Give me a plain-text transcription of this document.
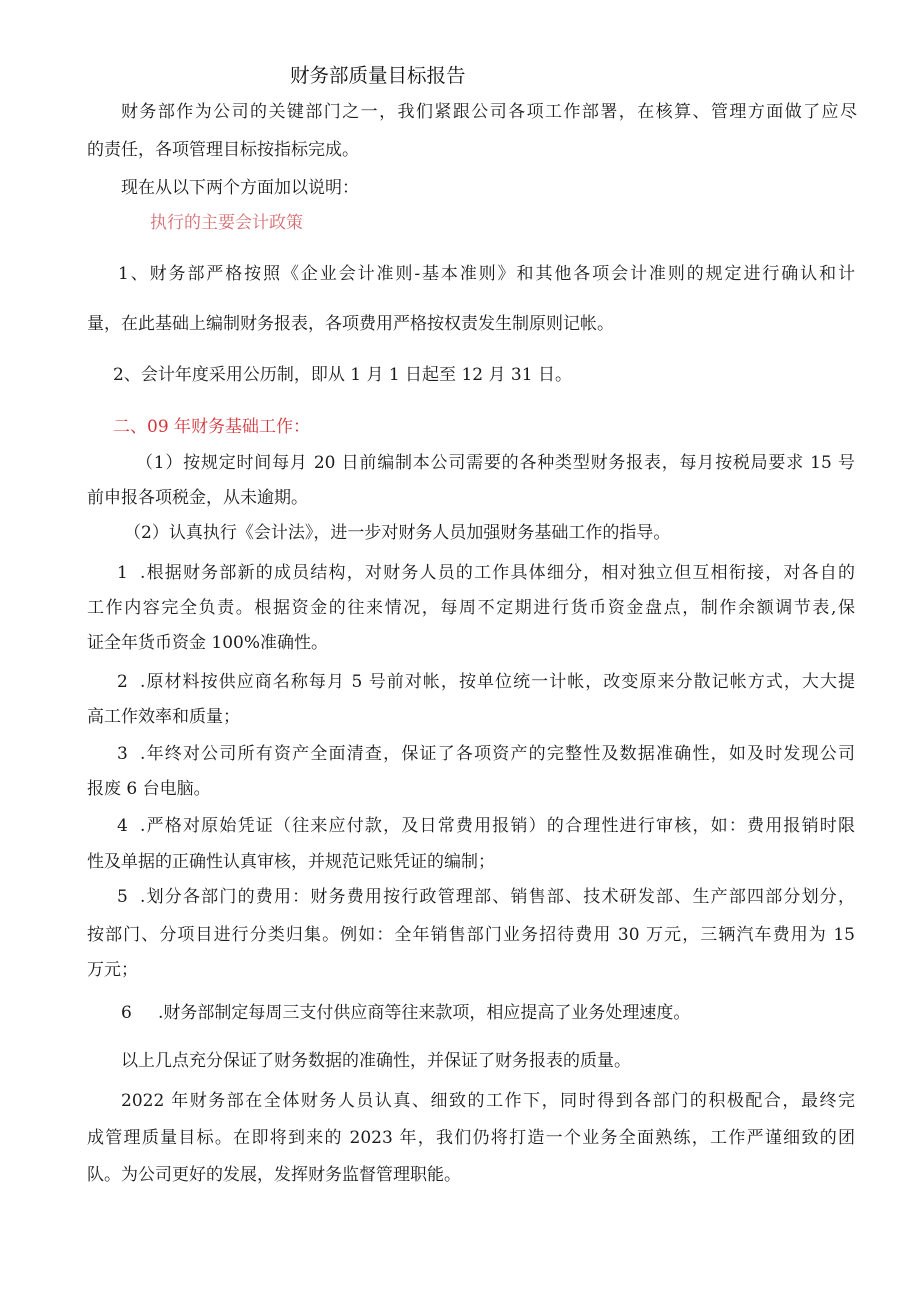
财务部质量目标报告
财务部作为公司的关键部门之一，我们紧跟公司各项工作部署，在核算、管理方面做了应尽
的责任，各项管理目标按指标完成。
现在从以下两个方面加以说明：
执行的主要会计政策
1、财务部严格按照《企业会计准则-基本准则》和其他各项会计准则的规定进行确认和计
量，在此基础上编制财务报表，各项费用严格按权责发生制原则记帐。
2、会计年度采用公历制，即从 1 月 1 日起至 12 月 31 日。
二、09 年财务基础工作：
（1）按规定时间每月 20 日前编制本公司需要的各种类型财务报表，每月按税局要求 15 号
前申报各项税金，从未逾期。
（2）认真执行《会计法》，进一步对财务人员加强财务基础工作的指导。
1 .根据财务部新的成员结构，对财务人员的工作具体细分，相对独立但互相衔接，对各自的
工作内容完全负责。根据资金的往来情况，每周不定期进行货币资金盘点，制作余额调节表,保
证全年货币资金 100%准确性。
2 .原材料按供应商名称每月 5 号前对帐，按单位统一计帐，改变原来分散记帐方式，大大提
高工作效率和质量；
3 .年终对公司所有资产全面清查，保证了各项资产的完整性及数据准确性，如及时发现公司
报废 6 台电脑。
4 .严格对原始凭证（往来应付款，及日常费用报销）的合理性进行审核，如：费用报销时限
性及单据的正确性认真审核，并规范记账凭证的编制；
5 .划分各部门的费用：财务费用按行政管理部、销售部、技术研发部、生产部四部分划分，
按部门、分项目进行分类归集。例如：全年销售部门业务招待费用 30 万元，三辆汽车费用为 15
万元；
6 .财务部制定每周三支付供应商等往来款项，相应提高了业务处理速度。
以上几点充分保证了财务数据的准确性，并保证了财务报表的质量。
2022 年财务部在全体财务人员认真、细致的工作下，同时得到各部门的积极配合，最终完
成管理质量目标。在即将到来的 2023 年，我们仍将打造一个业务全面熟练，工作严谨细致的团
队。为公司更好的发展，发挥财务监督管理职能。
